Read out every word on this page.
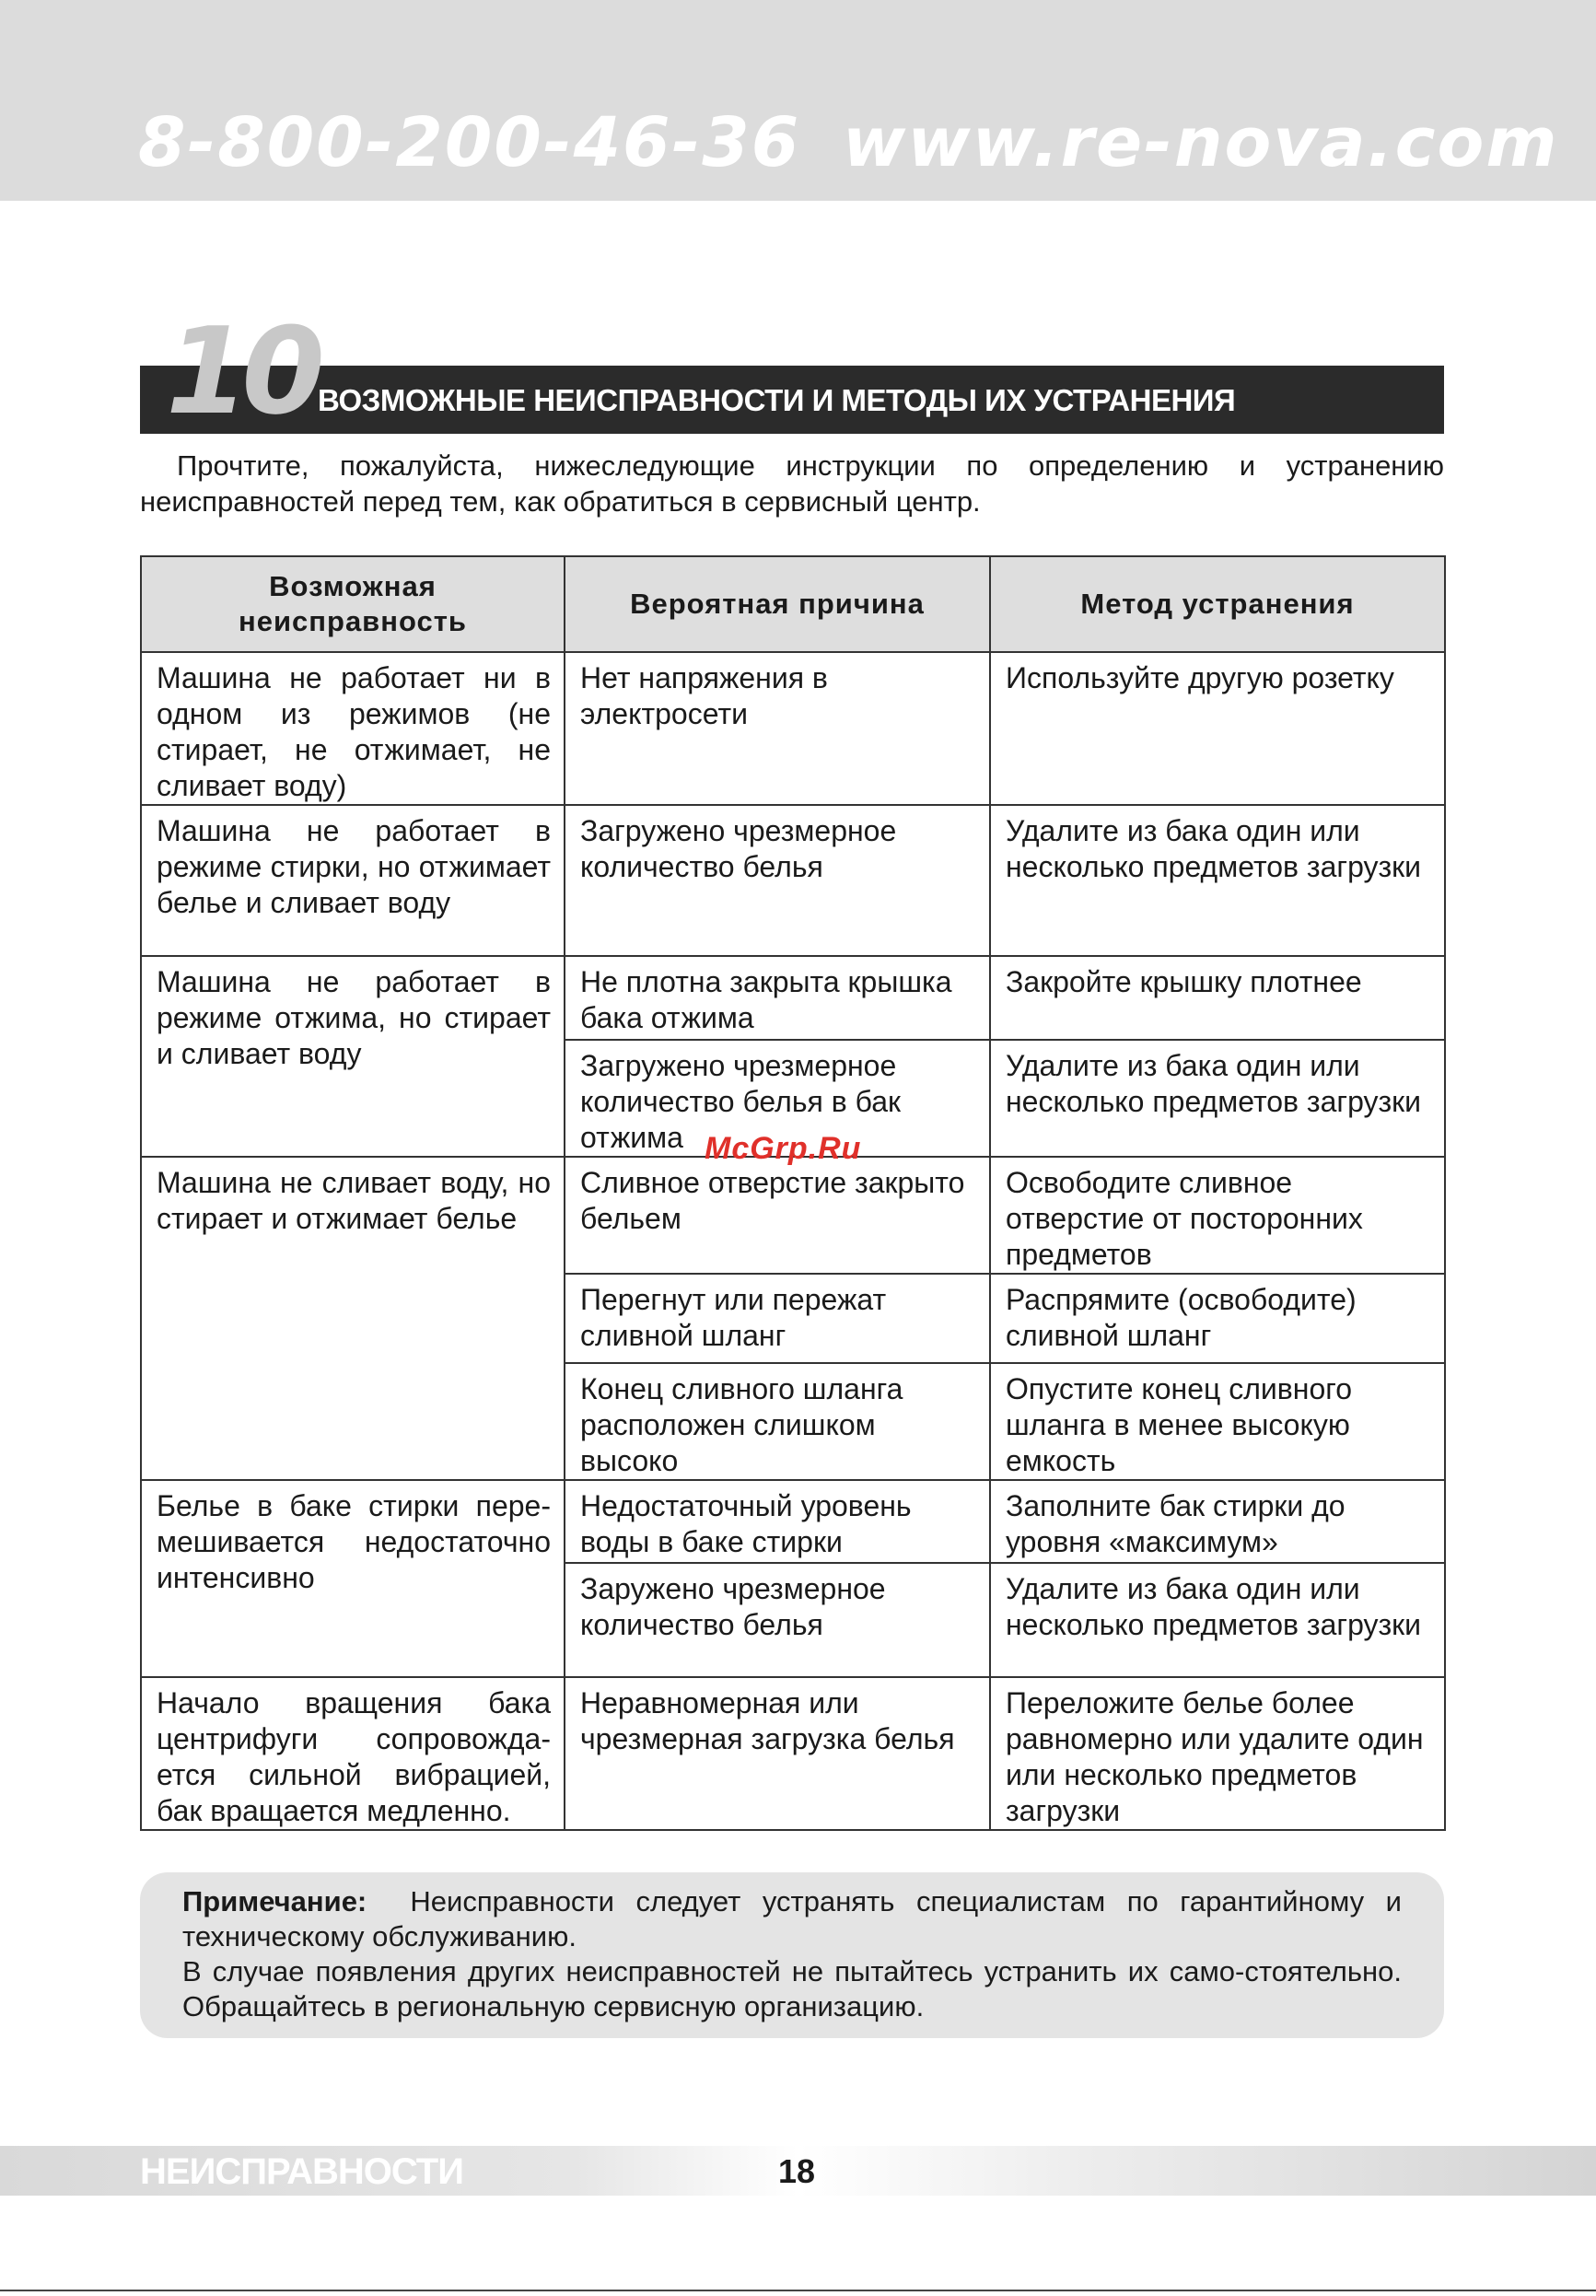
8-800-200-46-36 www.re-nova.com
10 ВОЗМОЖНЫЕ НЕИСПРАВНОСТИ И МЕТОДЫ ИХ УСТРАНЕНИЯ

Прочтите, пожалуйста, нижеследующие инструкции по определению и устранению неисправностей перед тем, как обратиться в сервисный центр.

Возможная неисправность	Вероятная причина	Метод устранения
Машина не работает ни в одном из режимов (не стирает, не отжимает, не сливает воду)	Нет напряжения в электросети	Используйте другую розетку
Машина не работает в режиме стирки, но отжимает белье и сливает воду	Загружено чрезмерное количество белья	Удалите из бака один или несколько предметов загрузки
Машина не работает в режиме отжима, но стирает и сливает воду	Не плотна закрыта крышка бака отжима	Закройте крышку плотнее
	Загружено чрезмерное количество белья в бак отжима	Удалите из бака один или несколько предметов загрузки
Машина не сливает воду, но стирает и отжимает белье	Сливное отверстие закрыто бельем	Освободите сливное отверстие от посторонних предметов
	Перегнут или пережат сливной шланг	Распрямите (освободите) сливной шланг
	Конец сливного шланга расположен слишком высоко	Опустите конец сливного шланга в менее высокую емкость
Белье в баке стирки пере-мешивается недостаточно интенсивно	Недостаточный уровень воды в баке стирки	Заполните бак стирки до уровня «максимум»
	Заружено чрезмерное количество белья	Удалите из бака один или несколько предметов загрузки
Начало вращения бака центрифуги сопровожда-ется сильной вибрацией, бак вращается медленно.	Неравномерная или чрезмерная загрузка белья	Переложите белье более равномерно или удалите один или несколько предметов загрузки
McGrp.Ru

Примечание: Неисправности следует устранять специалистам по гарантийному и техническому обслуживанию.

В случае появления других неисправностей не пытайтесь устранить их само-стоятельно. Обращайтесь в региональную сервисную организацию.

НЕИСПРАВНОСТИ	18
